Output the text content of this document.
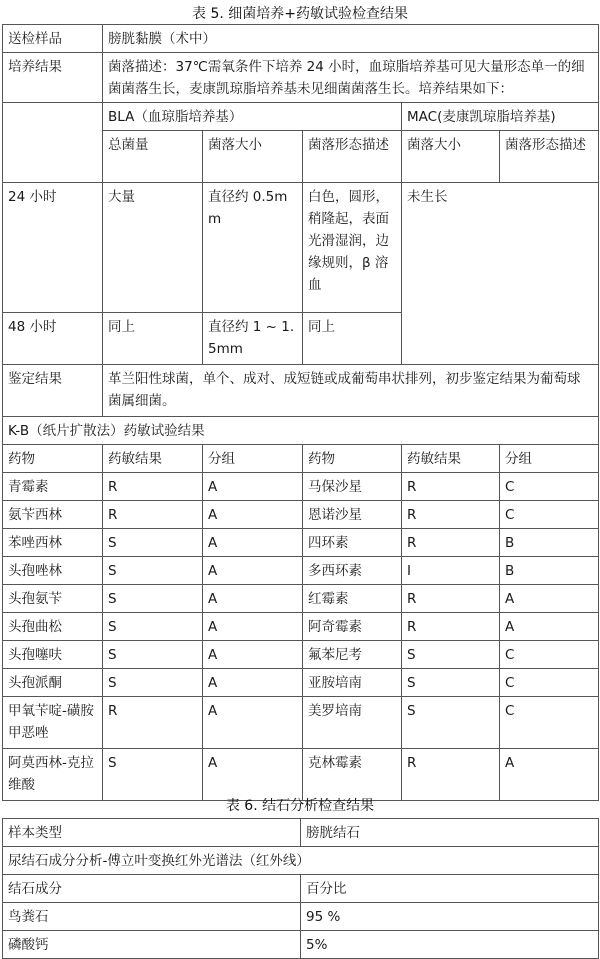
表 5. 细菌培养+药敏试验检查结果
送检样品	膀胱黏膜（术中）				
培养结果	菌落描述：37℃需氧条件下培养 24 小时，血琼脂培养基可见大量形态单一的细菌菌落生长，麦康凯琼脂培养基未见细菌菌落生长。培养结果如下：				
	BLA（血琼脂培养基）			MAC(麦康凯琼脂培养基)	
	总菌量	菌落大小	菌落形态描述	菌落大小	菌落形态描述
24 小时	大量	直径约 0.5mm	白色，圆形，稍隆起，表面光滑湿润，边缘规则，β 溶血	未生长	
48 小时	同上	直径约 1 ~ 1.5mm	同上		
鉴定结果	革兰阳性球菌，单个、成对、成短链或成葡萄串状排列，初步鉴定结果为葡萄球菌属细菌。				
K-B（纸片扩散法）药敏试验结果					
药物	药敏结果	分组	药物	药敏结果	分组
青霉素	R	A	马保沙星	R	C
氨苄西林	R	A	恩诺沙星	R	C
苯唑西林	S	A	四环素	R	B
头孢唑林	S	A	多西环素	I	B
头孢氨苄	S	A	红霉素	R	A
头孢曲松	S	A	阿奇霉素	R	A
头孢噻呋	S	A	氟苯尼考	S	C
头孢派酮	S	A	亚胺培南	S	C
甲氧苄啶-磺胺甲恶唑	R	A	美罗培南	S	C
阿莫西林-克拉维酸	S	A	克林霉素	R	A
表 6. 结石分析检查结果
样本类型	膀胱结石
尿结石成分分析-傅立叶变换红外光谱法（红外线）	
结石成分	百分比
鸟粪石	95 %
磷酸钙	5%
